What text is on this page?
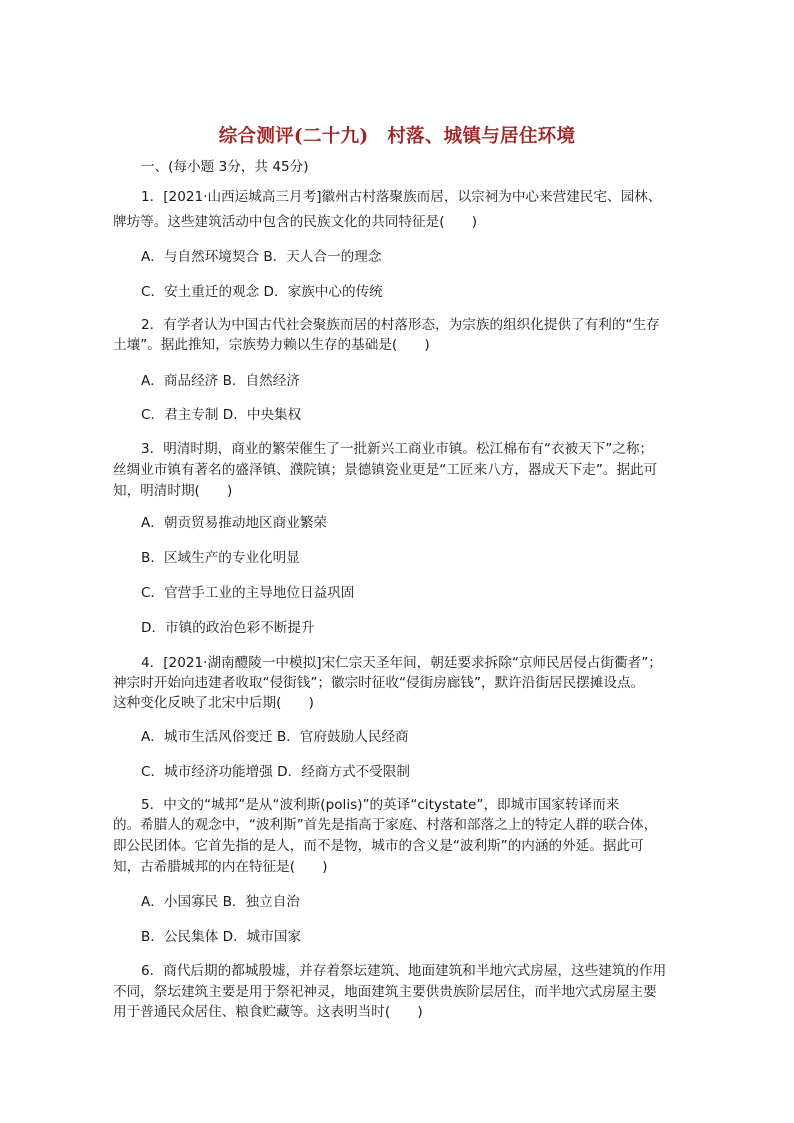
综合测评(二十九)　村落、城镇与居住环境
一、(每小题 3分，共 45分)
1．[2021·山西运城高三月考]徽州古村落聚族而居，以宗祠为中心来营建民宅、园林、
牌坊等。这些建筑活动中包含的民族文化的共同特征是(　　)
A．与自然环境契合 B．天人合一的理念
C．安土重迁的观念 D．家族中心的传统
2．有学者认为中国古代社会聚族而居的村落形态，为宗族的组织化提供了有利的“生存
土壤”。据此推知，宗族势力赖以生存的基础是(　　)
A．商品经济 B．自然经济
C．君主专制 D．中央集权
3．明清时期，商业的繁荣催生了一批新兴工商业市镇。松江棉布有“衣被天下”之称；
丝绸业市镇有著名的盛泽镇、濮院镇；景德镇瓷业更是“工匠来八方，器成天下走”。据此可
知，明清时期(　　)
A．朝贡贸易推动地区商业繁荣
B．区域生产的专业化明显
C．官营手工业的主导地位日益巩固
D．市镇的政治色彩不断提升
4．[2021·湖南醴陵一中模拟]宋仁宗天圣年间，朝廷要求拆除“京师民居侵占街衢者”；
神宗时开始向违建者收取“侵街钱”；徽宗时征收“侵街房廊钱”，默许沿街居民摆摊设点。
这种变化反映了北宋中后期(　　)
A．城市生活风俗变迁 B．官府鼓励人民经商
C．城市经济功能增强 D．经商方式不受限制
5．中文的“城邦”是从“波利斯(polis)”的英译“citystate”，即城市国家转译而来
的。希腊人的观念中，“波利斯”首先是指高于家庭、村落和部落之上的特定人群的联合体，
即公民团体。它首先指的是人，而不是物，城市的含义是“波利斯”的内涵的外延。据此可
知，古希腊城邦的内在特征是(　　)
A．小国寡民 B．独立自治
B．公民集体 D．城市国家
6．商代后期的都城殷墟，并存着祭坛建筑、地面建筑和半地穴式房屋，这些建筑的作用
不同，祭坛建筑主要是用于祭祀神灵，地面建筑主要供贵族阶层居住，而半地穴式房屋主要
用于普通民众居住、粮食贮藏等。这表明当时(　　)
